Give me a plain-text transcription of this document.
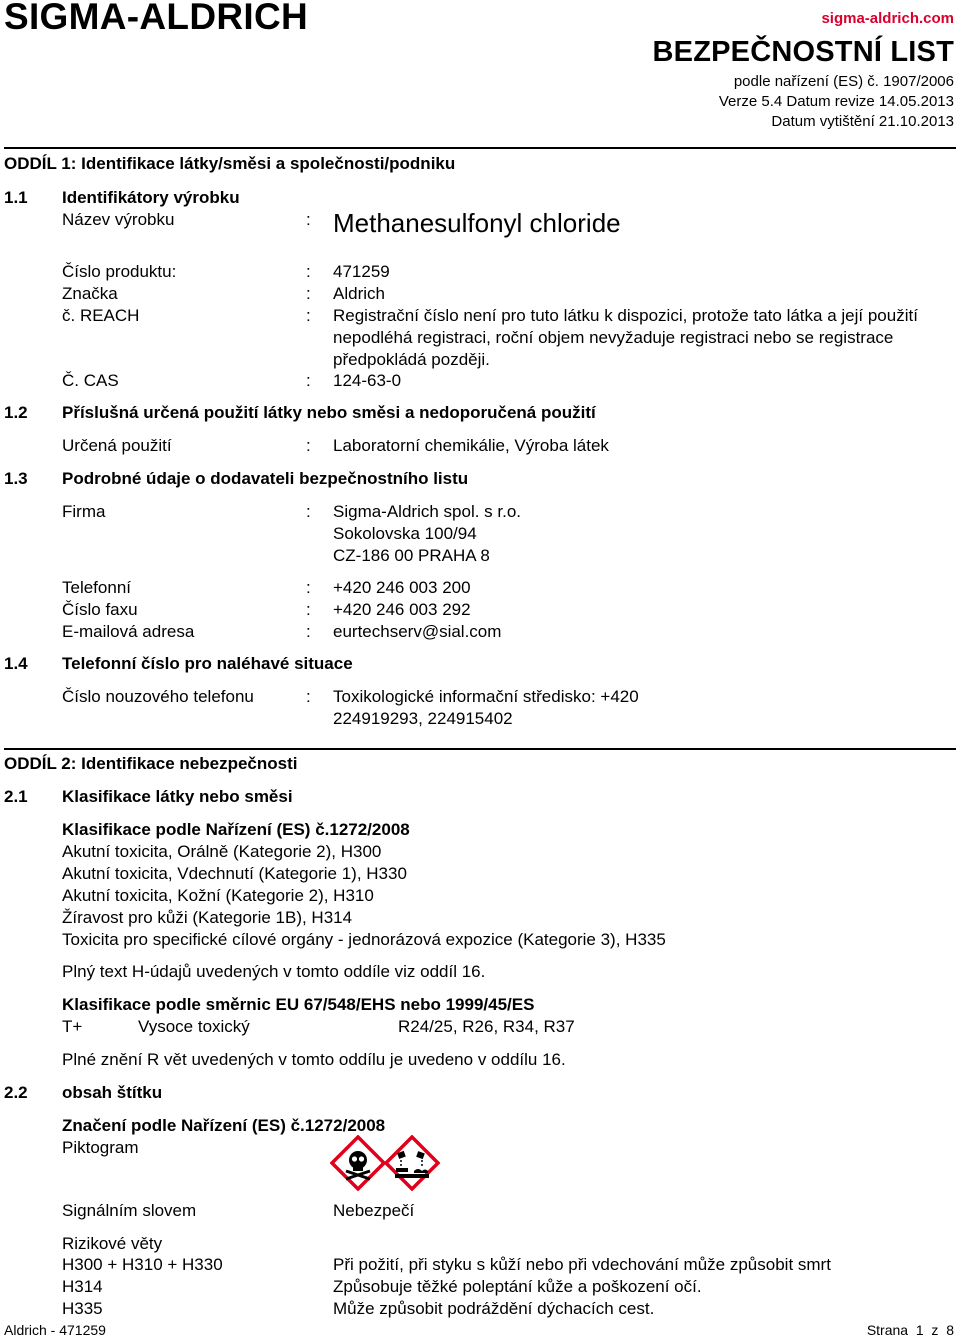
SIGMA-ALDRICH	sigma-aldrich.com
BEZPEČNOSTNÍ LIST
podle nařízení (ES) č. 1907/2006
Verze 5.4 Datum revize 14.05.2013
Datum vytištění 21.10.2013
ODDÍL 1: Identifikace látky/směsi a společnosti/podniku
1.1 Identifikátory výrobku
Název výrobku	: Methanesulfonyl chloride
Číslo produktu:	: 471259
Značka	: Aldrich
č. REACH	: Registrační číslo není pro tuto látku k dispozici, protože tato látka a její použití nepodléhá registraci, roční objem nevyžaduje registraci nebo se registrace předpokládá později.
Č. CAS	: 124-63-0
1.2 Příslušná určená použití látky nebo směsi a nedoporučená použití
Určená použití	: Laboratorní chemikálie, Výroba látek
1.3 Podrobné údaje o dodavateli bezpečnostního listu
Firma	: Sigma-Aldrich spol. s r.o.
Sokolovska 100/94
CZ-186 00 PRAHA 8
Telefonní	: +420 246 003 200
Číslo faxu	: +420 246 003 292
E-mailová adresa	: eurtechserv@sial.com
1.4 Telefonní číslo pro naléhavé situace
Číslo nouzového telefonu	: Toxikologické informační středisko: +420
224919293, 224915402
ODDÍL 2: Identifikace nebezpečnosti
2.1 Klasifikace látky nebo směsi
Klasifikace podle Nařízení (ES) č.1272/2008
Akutní toxicita, Orálně (Kategorie 2), H300
Akutní toxicita, Vdechnutí (Kategorie 1), H330
Akutní toxicita, Kožní (Kategorie 2), H310
Žíravost pro kůži (Kategorie 1B), H314
Toxicita pro specifické cílové orgány - jednorázová expozice (Kategorie 3), H335
Plný text H-údajů uvedených v tomto oddíle viz oddíl 16.
Klasifikace podle směrnic EU 67/548/EHS nebo 1999/45/ES
T+	Vysoce toxický	R24/25, R26, R34, R37
Plné znění R vět uvedených v tomto oddílu je uvedeno v oddílu 16.
2.2 obsah štítku
Značení podle Nařízení (ES) č.1272/2008
Piktogram
Signálním slovem	Nebezpečí
Rizikové věty
H300 + H310 + H330	Při požití, při styku s kůží nebo při vdechování může způsobit smrt
H314	Způsobuje těžké poleptání kůže a poškození očí.
H335	Může způsobit podráždění dýchacích cest.
Aldrich - 471259	Strana 1 z 8
